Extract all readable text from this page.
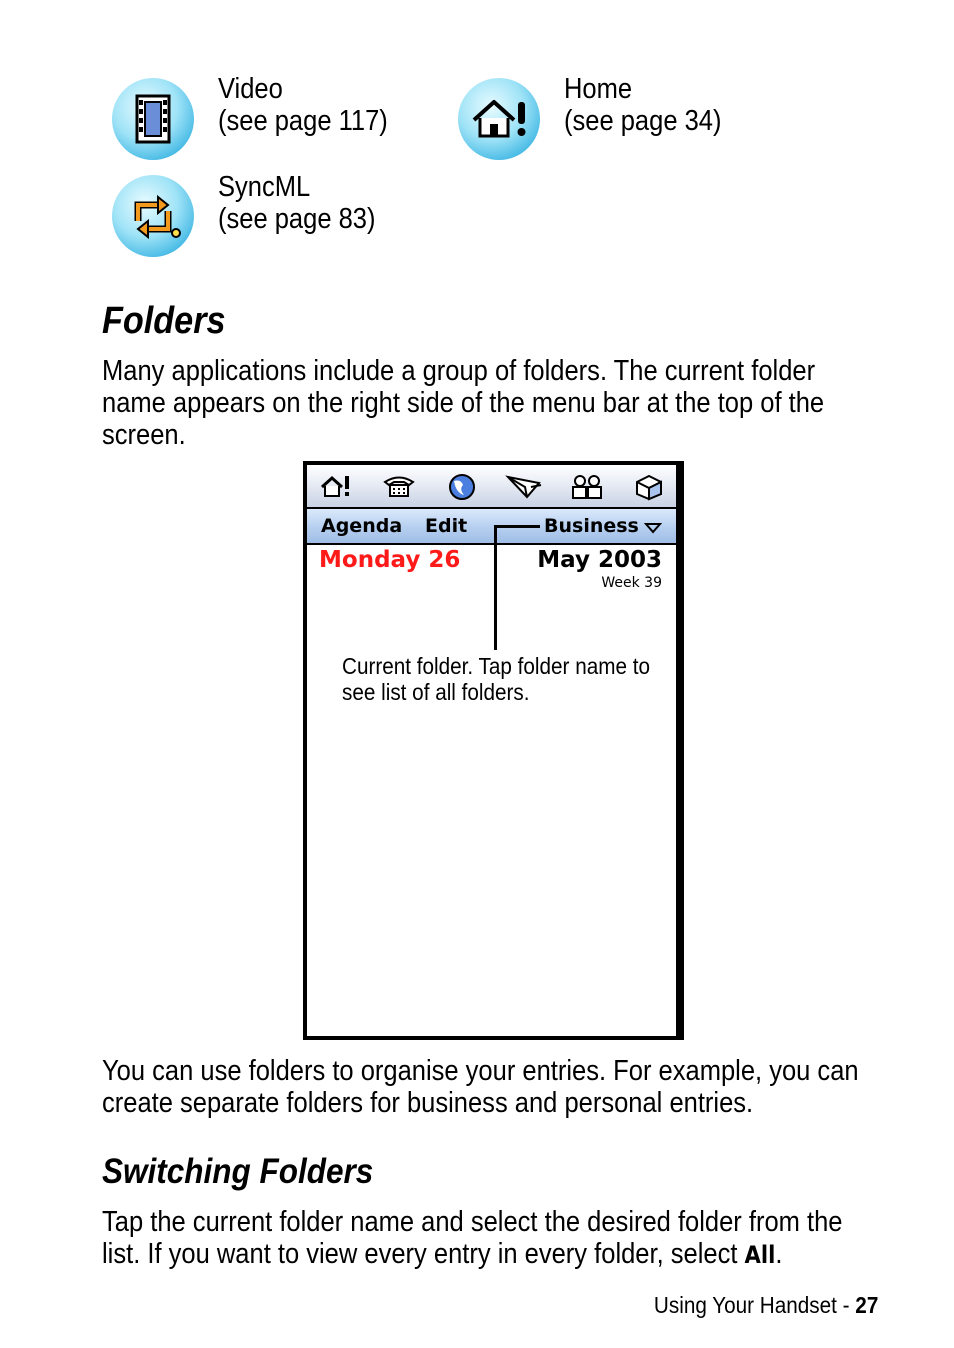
Video
(see page 117)
Home
(see page 34)
SyncML
(see page 83)
Folders
Many applications include a group of folders. The current folder
name appears on the right side of the menu bar at the top of the
screen.
Agenda Edit	Business
Monday 26	May 2003
Week 39
Current folder. Tap folder name to
see list of all folders.
You can use folders to organise your entries. For example, you can
create separate folders for business and personal entries.
Switching Folders
Tap the current folder name and select the desired folder from the
list. If you want to view every entry in every folder, select All.
Using Your Handset - 27
